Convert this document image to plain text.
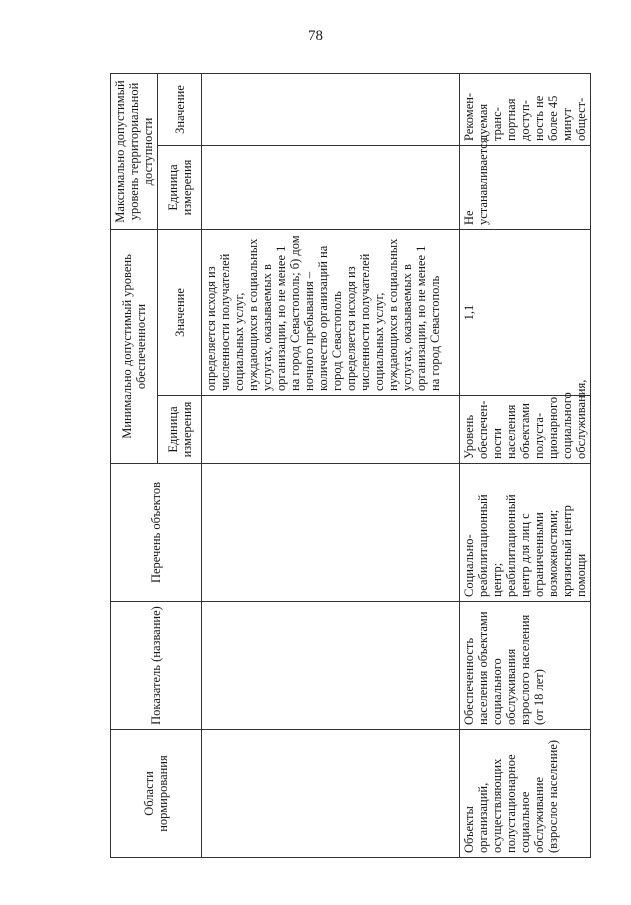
78
Области нормирования	Показатель (название)	Перечень объектов	Минимально допустимый уровень обеспеченности		Максимально допустимый уровень территориальной доступности	
			Единица измерения	Значение	Единица измерения	Значение
				определяется исходя из численности получателей социальных услуг, нуждающихся в социальных услугах, оказываемых в организации, но не менее 1 на город Севастополь; б) дом ночного пребывания – количество организаций на город Севастополь определяется исходя из численности получателей социальных услуг, нуждающихся в социальных услугах, оказываемых в организации, но не менее 1 на город Севастополь		
Объекты организаций, осуществляющих полустационарное социальное обслуживание (взрослое население)	Обеспеченность населения объектами социального обслуживания взрослого населения (от 18 лет)	Социально-реабилитационный центр; реабилитационный центр для лиц с ограниченными возможностями; кризисный центр помощи	Уровень обеспечен-ности населения объектами полуста-ционарного социального обслуживания,	1,1	Не устанавливается	Рекомен-дуемая транс-портная доступ-ность не более 45 минут общест-
